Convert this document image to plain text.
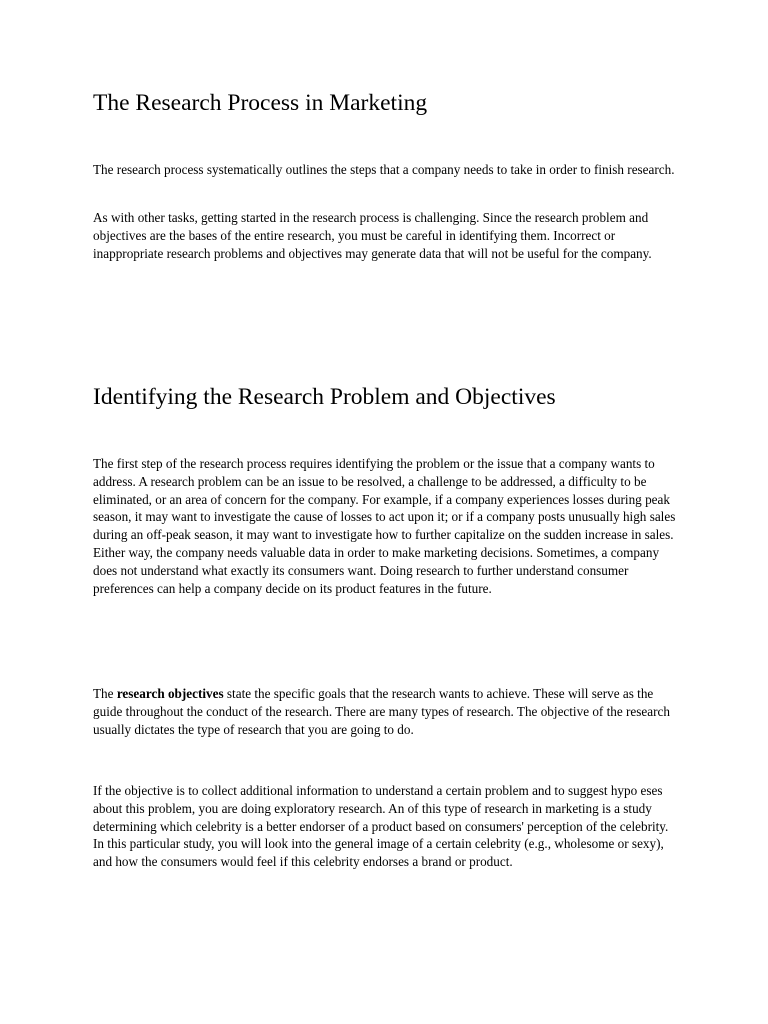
The Research Process in Marketing

The research process systematically outlines the steps that a company needs to take in order to finish research.

As with other tasks, getting started in the research process is challenging. Since the research problem and objectives are the bases of the entire research, you must be careful in identifying them. Incorrect or inappropriate research problems and objectives may generate data that will not be useful for the company.

Identifying the Research Problem and Objectives

The first step of the research process requires identifying the problem or the issue that a company wants to address. A research problem can be an issue to be resolved, a challenge to be addressed, a difficulty to be eliminated, or an area of concern for the company. For example, if a company experiences losses during peak season, it may want to investigate the cause of losses to act upon it; or if a company posts unusually high sales during an off-peak season, it may want to investigate how to further capitalize on the sudden increase in sales. Either way, the company needs valuable data in order to make marketing decisions. Sometimes, a company does not understand what exactly its consumers want. Doing research to further understand consumer preferences can help a company decide on its product features in the future.

The research objectives state the specific goals that the research wants to achieve. These will serve as the guide throughout the conduct of the research. There are many types of research. The objective of the research usually dictates the type of research that you are going to do.

If the objective is to collect additional information to understand a certain problem and to suggest hypo eses about this problem, you are doing exploratory research. An of this type of research in marketing is a study determining which celebrity is a better endorser of a product based on consumers' perception of the celebrity. In this particular study, you will look into the general image of a certain celebrity (e.g., wholesome or sexy), and how the consumers would feel if this celebrity endorses a brand or product.
